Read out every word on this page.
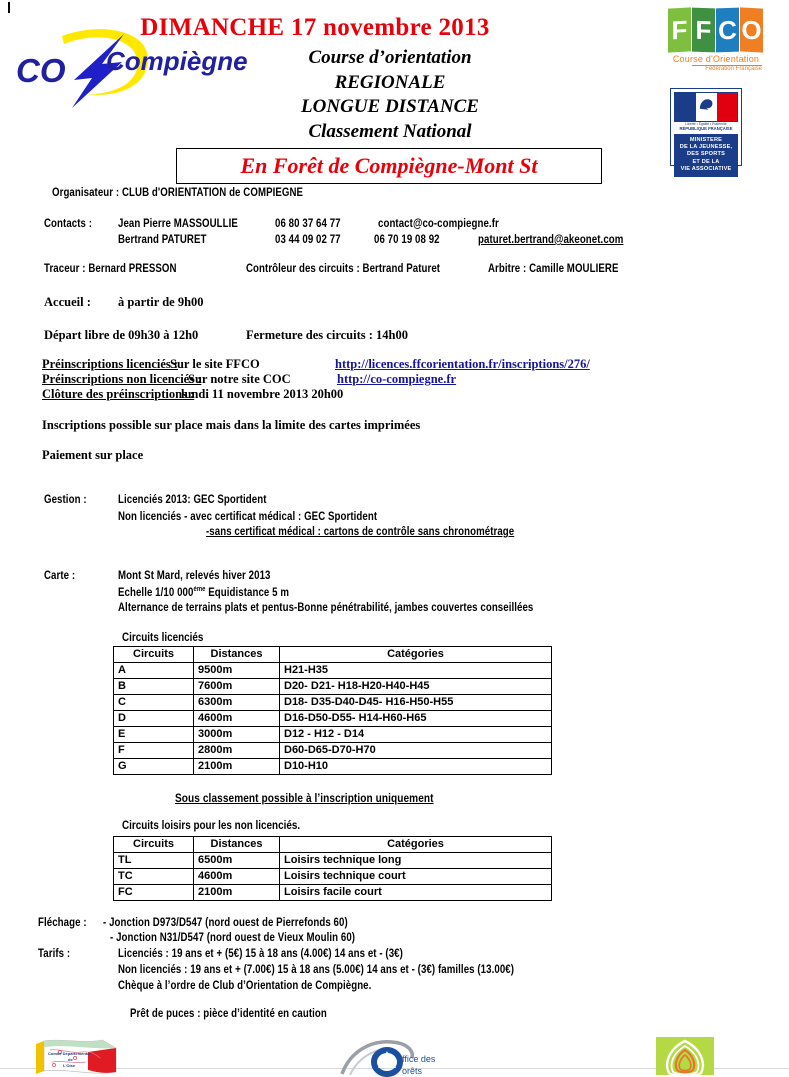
CO Compiègne
DIMANCHE 17 novembre 2013
Course d’orientation
REGIONALE
LONGUE DISTANCE
Classement National
En Forêt de Compiègne-Mont St
F F C O
Course d'Orientation
Fédération Française
Liberté • Égalité • Fraternité
RÉPUBLIQUE FRANÇAISE
MINISTERE
DE LA JEUNESSE,
DES SPORTS
ET DE LA
VIE ASSOCIATIVE
Organisateur : CLUB d'ORIENTATION de COMPIEGNE
Contacts : Jean Pierre MASSOULLIE	06 80 37 64 77	contact@co-compiegne.fr
Bertrand PATURET	03 44 09 02 77	06 70 19 08 92	paturet.bertrand@akeonet.com
Traceur : Bernard PRESSON	Contrôleur des circuits : Bertrand Paturet	Arbitre : Camille MOULIERE
Accueil : à partir de 9h00
Départ libre de 09h30 à 12h0	Fermeture des circuits : 14h00
Préinscriptions licenciés :
Sur le site FFCO	http://licences.ffcorientation.fr/inscriptions/276/
Préinscriptions non licenciés :
Sur notre site COC	http://co-compiegne.fr
Clôture des préinscriptions :
lundi 11 novembre 2013 20h00
Inscriptions possible sur place mais dans la limite des cartes imprimées
Paiement sur place
Gestion :	Licenciés 2013: GEC Sportident
Non licenciés - avec certificat médical : GEC Sportident
-sans certificat médical : cartons de contrôle sans chronométrage
Carte :	Mont St Mard, relevés hiver 2013
Echelle 1/10 000ème Equidistance 5 m
Alternance de terrains plats et pentus-Bonne pénétrabilité, jambes couvertes conseillées
Circuits licenciés
Circuits	Distances	Catégories
A	9500m	H21-H35
B	7600m	D20- D21- H18-H20-H40-H45
C	6300m	D18- D35-D40-D45- H16-H50-H55
D	4600m	D16-D50-D55- H14-H60-H65
E	3000m	D12 - H12 - D14
F	2800m	D60-D65-D70-H70
G	2100m	D10-H10
Sous classement possible à l’inscription uniquement
Circuits loisirs pour les non licenciés.
Circuits	Distances	Catégories
TL	6500m	Loisirs technique long
TC	4600m	Loisirs technique court
FC	2100m	Loisirs facile court
Fléchage : - Jonction D973/D547 (nord ouest de Pierrefonds 60)
- Jonction N31/D547 (nord ouest de Vieux Moulin 60)
Tarifs :	Licenciés : 19 ans et + (5€) 15 à 18 ans (4.00€) 14 ans et - (3€)
Non licenciés : 19 ans et + (7.00€) 15 à 18 ans (5.00€) 14 ans et - (3€) familles (13.00€)
Chèque à l’ordre de Club d’Orientation de Compiègne.
Prêt de puces : pièce d’identité en caution
Comité Départemental
de
L'Oise
ffice des
orêts
